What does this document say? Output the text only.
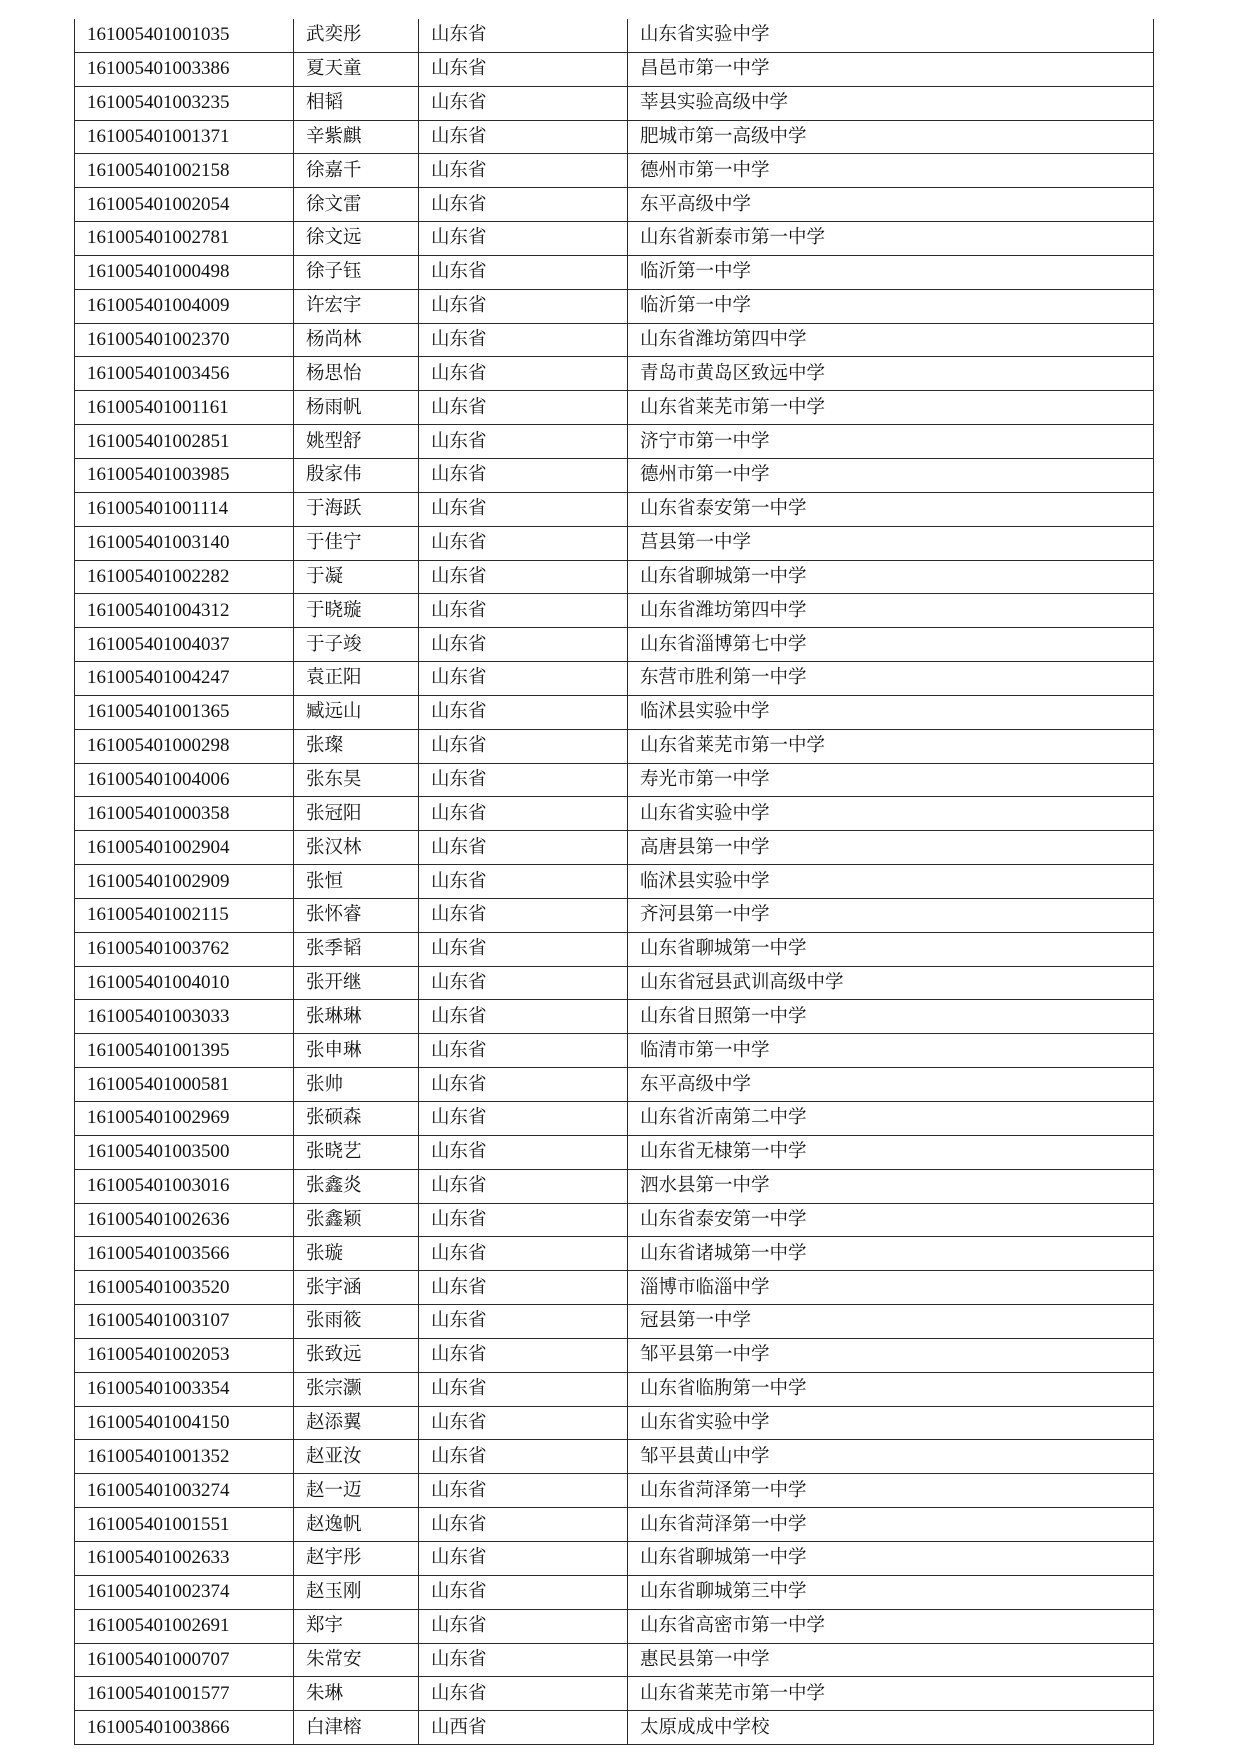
161005401001035	武奕彤	山东省	山东省实验中学
161005401003386	夏天童	山东省	昌邑市第一中学
161005401003235	相韬	山东省	莘县实验高级中学
161005401001371	辛紫麒	山东省	肥城市第一高级中学
161005401002158	徐嘉千	山东省	德州市第一中学
161005401002054	徐文雷	山东省	东平高级中学
161005401002781	徐文远	山东省	山东省新泰市第一中学
161005401000498	徐子钰	山东省	临沂第一中学
161005401004009	许宏宇	山东省	临沂第一中学
161005401002370	杨尚林	山东省	山东省潍坊第四中学
161005401003456	杨思怡	山东省	青岛市黄岛区致远中学
161005401001161	杨雨帆	山东省	山东省莱芜市第一中学
161005401002851	姚型舒	山东省	济宁市第一中学
161005401003985	殷家伟	山东省	德州市第一中学
161005401001114	于海跃	山东省	山东省泰安第一中学
161005401003140	于佳宁	山东省	莒县第一中学
161005401002282	于凝	山东省	山东省聊城第一中学
161005401004312	于晓璇	山东省	山东省潍坊第四中学
161005401004037	于子竣	山东省	山东省淄博第七中学
161005401004247	袁正阳	山东省	东营市胜利第一中学
161005401001365	臧远山	山东省	临沭县实验中学
161005401000298	张璨	山东省	山东省莱芜市第一中学
161005401004006	张东昊	山东省	寿光市第一中学
161005401000358	张冠阳	山东省	山东省实验中学
161005401002904	张汉林	山东省	高唐县第一中学
161005401002909	张恒	山东省	临沭县实验中学
161005401002115	张怀睿	山东省	齐河县第一中学
161005401003762	张季韬	山东省	山东省聊城第一中学
161005401004010	张开继	山东省	山东省冠县武训高级中学
161005401003033	张琳琳	山东省	山东省日照第一中学
161005401001395	张申琳	山东省	临清市第一中学
161005401000581	张帅	山东省	东平高级中学
161005401002969	张硕森	山东省	山东省沂南第二中学
161005401003500	张晓艺	山东省	山东省无棣第一中学
161005401003016	张鑫炎	山东省	泗水县第一中学
161005401002636	张鑫颖	山东省	山东省泰安第一中学
161005401003566	张璇	山东省	山东省诸城第一中学
161005401003520	张宇涵	山东省	淄博市临淄中学
161005401003107	张雨筱	山东省	冠县第一中学
161005401002053	张致远	山东省	邹平县第一中学
161005401003354	张宗灏	山东省	山东省临朐第一中学
161005401004150	赵添翼	山东省	山东省实验中学
161005401001352	赵亚汝	山东省	邹平县黄山中学
161005401003274	赵一迈	山东省	山东省菏泽第一中学
161005401001551	赵逸帆	山东省	山东省菏泽第一中学
161005401002633	赵宇彤	山东省	山东省聊城第一中学
161005401002374	赵玉刚	山东省	山东省聊城第三中学
161005401002691	郑宇	山东省	山东省高密市第一中学
161005401000707	朱常安	山东省	惠民县第一中学
161005401001577	朱琳	山东省	山东省莱芜市第一中学
161005401003866	白津榕	山西省	太原成成中学校
